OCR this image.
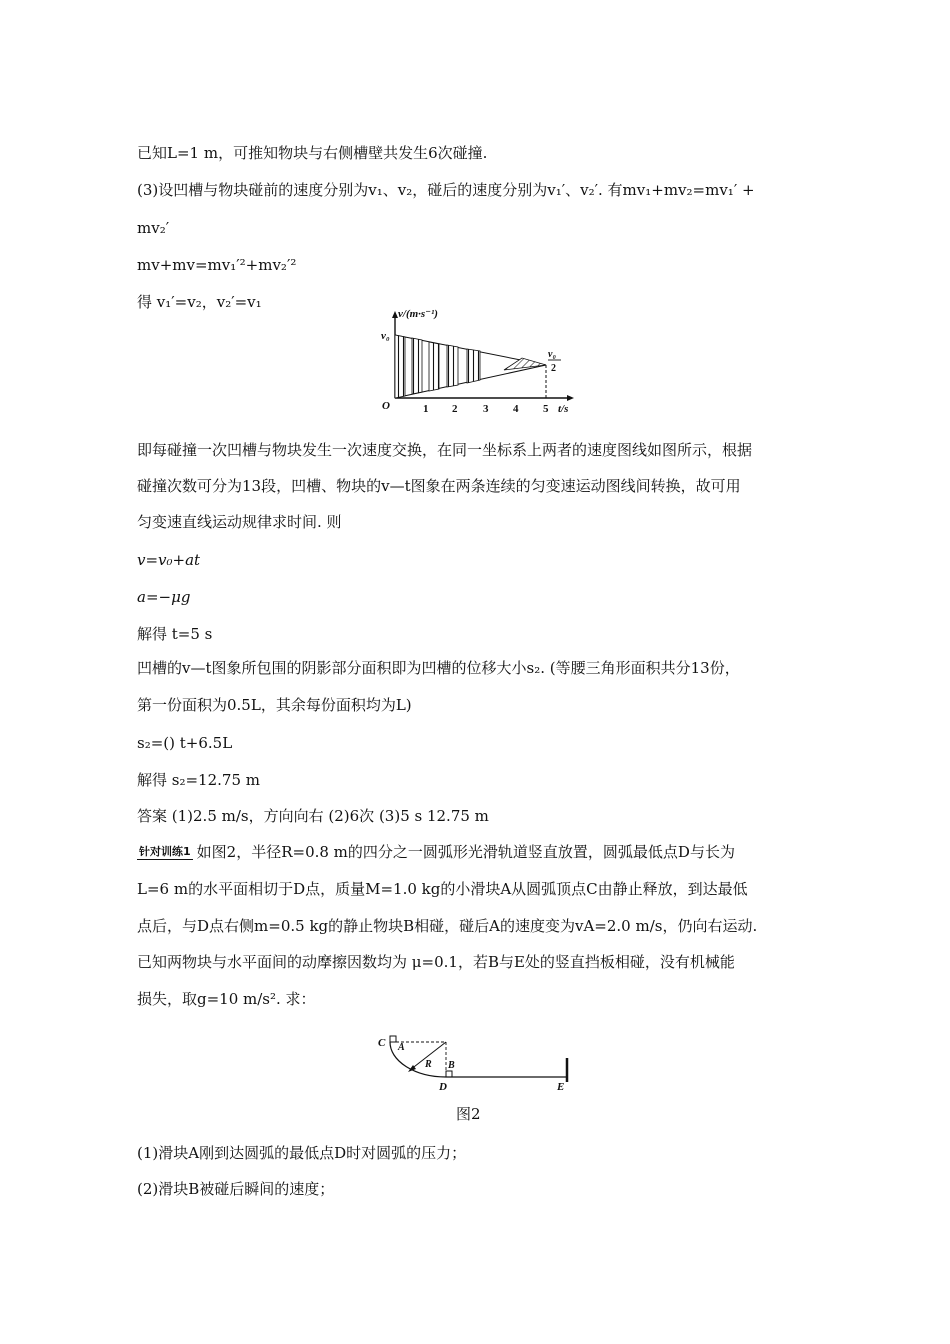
已知L=1 m，可推知物块与右侧槽壁共发生6次碰撞.
(3)设凹槽与物块碰前的速度分别为v₁、v₂，碰后的速度分别为v₁′、v₂′. 有mv₁+mv₂=mv₁′ +
mv₂′
mv+mv=mv₁′²+mv₂′²
得 v₁′=v₂，v₂′=v₁
v/(m·s⁻¹)
v₀
v₀
2
O	1 2 3 4 5 t/s
即每碰撞一次凹槽与物块发生一次速度交换，在同一坐标系上两者的速度图线如图所示，根据
碰撞次数可分为13段，凹槽、物块的v—t图象在两条连续的匀变速运动图线间转换，故可用
匀变速直线运动规律求时间. 则
v=v₀+at
a=−μg
解得 t=5 s
凹槽的v—t图象所包围的阴影部分面积即为凹槽的位移大小s₂. (等腰三角形面积共分13份，
第一份面积为0.5L，其余每份面积均为L)
s₂=() t+6.5L
解得 s₂=12.75 m
答案 (1)2.5 m/s，方向向右 (2)6次 (3)5 s 12.75 m
针对训练1 如图2，半径R=0.8 m的四分之一圆弧形光滑轨道竖直放置，圆弧最低点D与长为
L=6 m的水平面相切于D点，质量M=1.0 kg的小滑块A从圆弧顶点C由静止释放，到达最低
点后，与D点右侧m=0.5 kg的静止物块B相碰，碰后A的速度变为vA=2.0 m/s，仍向右运动.
已知两物块与水平面间的动摩擦因数均为 μ=0.1，若B与E处的竖直挡板相碰，没有机械能
损失，取g=10 m/s². 求：
C A
R B
D	E
图2
(1)滑块A刚到达圆弧的最低点D时对圆弧的压力；
(2)滑块B被碰后瞬间的速度；
